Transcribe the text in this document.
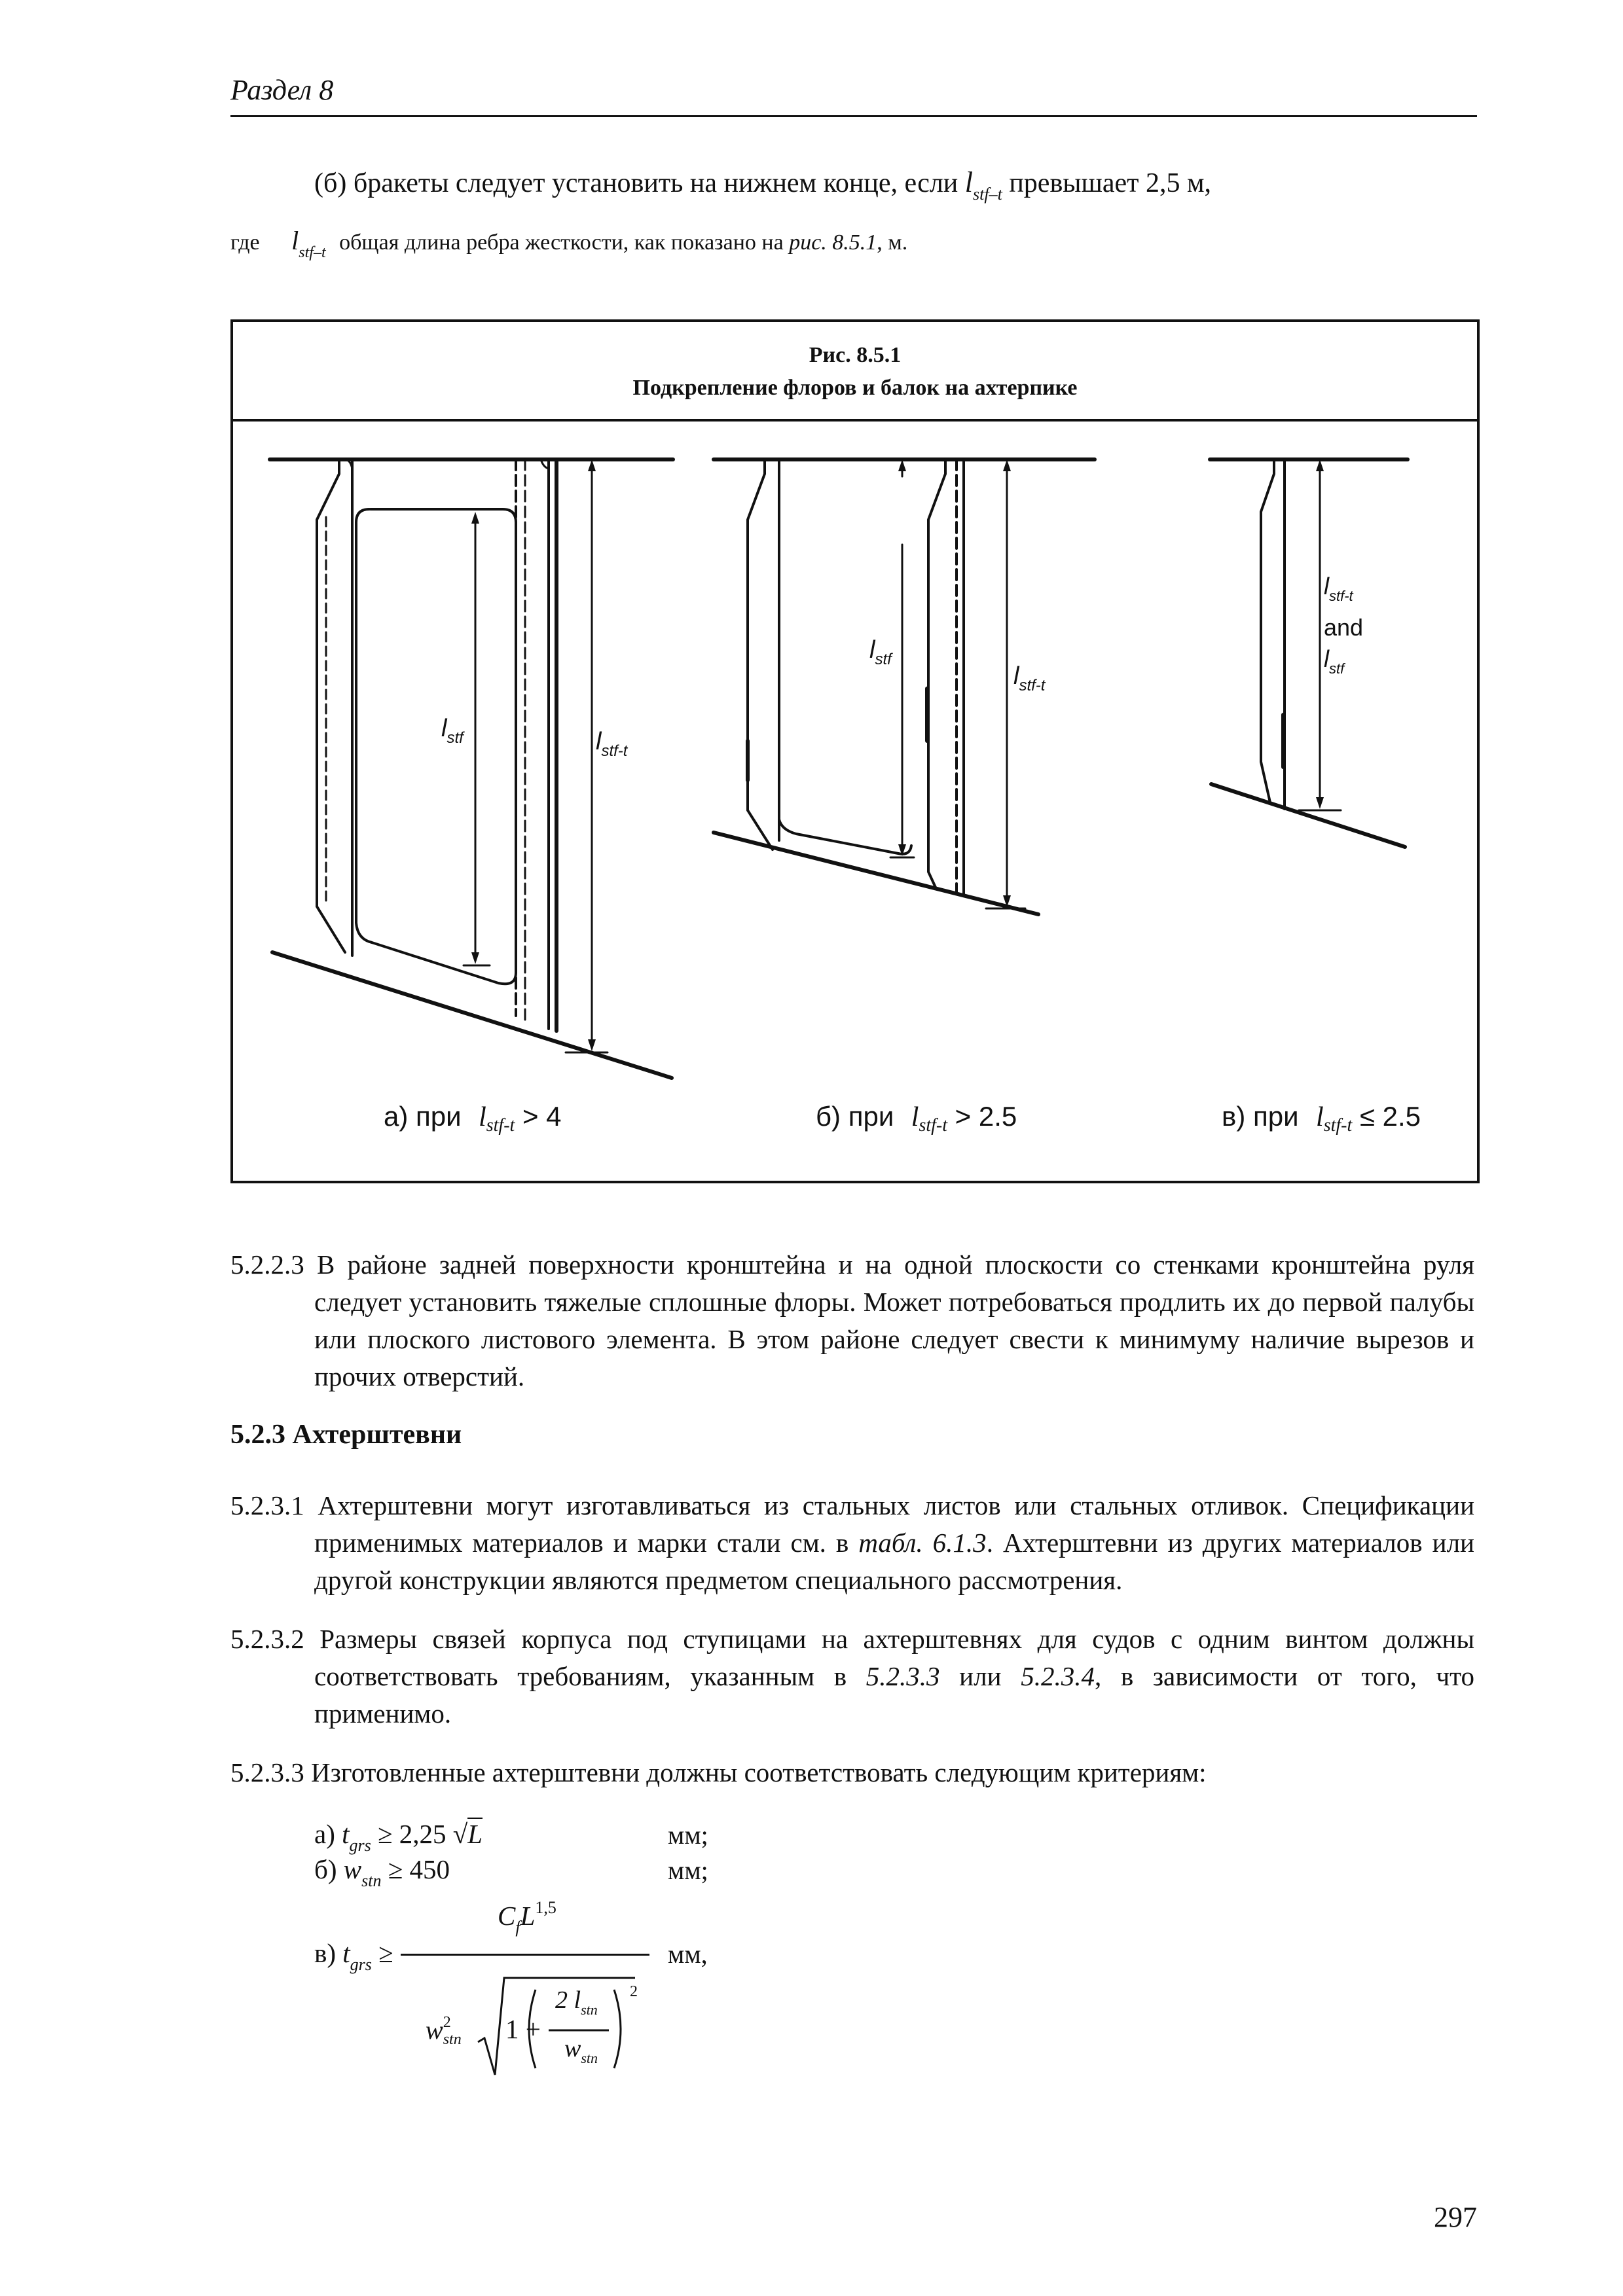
Раздел 8
(б) бракеты следует установить на нижнем конце, если $l_{stf-t}$ превышает 2,5 м,
где $l_{stf-t}$ общая длина ребра жесткости, как показано на рис. 8.5.1, м.
Рис. 8.5.1
Подкрепление флоров и балок на ахтерпике
$l_{stf}$	$l_{stf-t}$
$l_{stf}$
$l_{stf-t}$
$l_{stf-t}$
and
$l_{stf}$
а) при lstf-t > 4	б) при lstf-t > 2.5	в) при lstf-t ≤ 2.5
5.2.2.3 В районе задней поверхности кронштейна и на одной плоскости со стенками кронштейна руля следует установить тяжелые сплошные флоры. Может потребоваться продлить их до первой палубы или плоского листового элемента. В этом районе следует свести к минимуму наличие вырезов и прочих отверстий.
5.2.3 Ахтерштевни
5.2.3.1 Ахтерштевни могут изготавливаться из стальных листов или стальных отливок. Спецификации применимых материалов и марки стали см. в табл. 6.1.3. Ахтерштевни из других материалов или другой конструкции являются предметом специального рассмотрения.
5.2.3.2 Размеры связей корпуса под ступицами на ахтерштевнях для судов с одним винтом должны соответствовать требованиям, указанным в 5.2.3.3 или 5.2.3.4, в зависимости от того, что применимо.
5.2.3.3 Изготовленные ахтерштевни должны соответствовать следующим критериям:
а) $t_{grs} \ge 2,25$ √L	мм;
б) $w_{stn} \ge 450$	мм;
в) $t_{grs}$ ≥
$C_fL^{1,5}$
$w^2_{stn}$ 1 +
2 $l_{stn}$
$w_{stn}$
2
мм,
297
